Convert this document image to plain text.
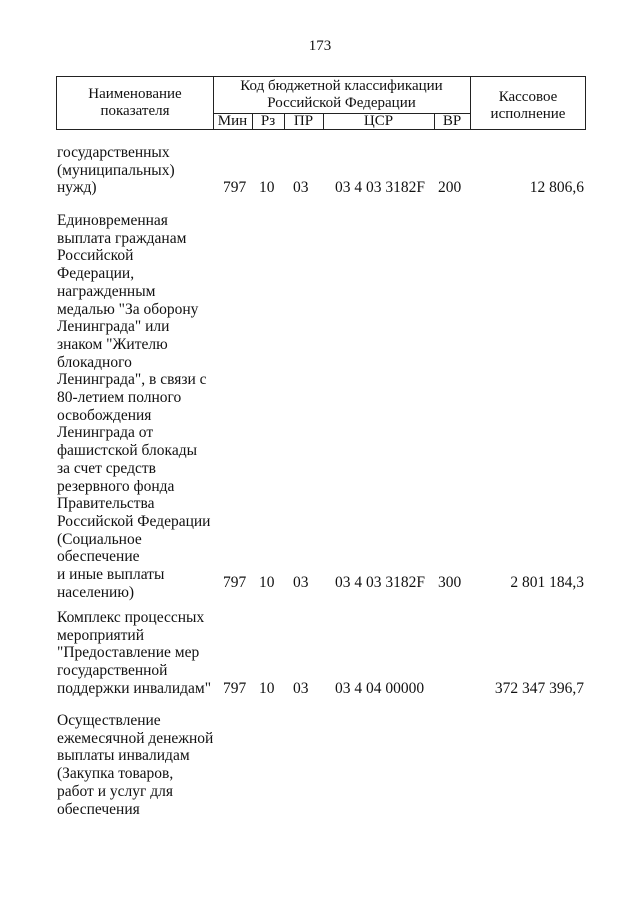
173
Наименование
показателя
Код бюджетной классификации
Российской Федерации
Мин Рз	ПР	ЦСР	ВР
Кассовое
исполнение
государственных
(муниципальных)
нужд)	797 10 03 03 4 03 3182F 200	12 806,6
Единовременная
выплата гражданам
Российской
Федерации,
награжденным
медалью "За оборону
Ленинграда" или
знаком "Жителю
блокадного
Ленинграда", в связи с
80-летием полного
освобождения
Ленинграда от
фашистской блокады
за счет средств
резервного фонда
Правительства
Российской Федерации
(Социальное
обеспечение
и иные выплаты
населению)
797 10 03 03 4 03 3182F 300	2 801 184,3
Комплекс процессных
мероприятий
"Предоставление мер
государственной
поддержки инвалидам" 797 10 03 03 4 04 00000	372 347 396,7
Осуществление
ежемесячной денежной
выплаты инвалидам
(Закупка товаров,
работ и услуг для
обеспечения
